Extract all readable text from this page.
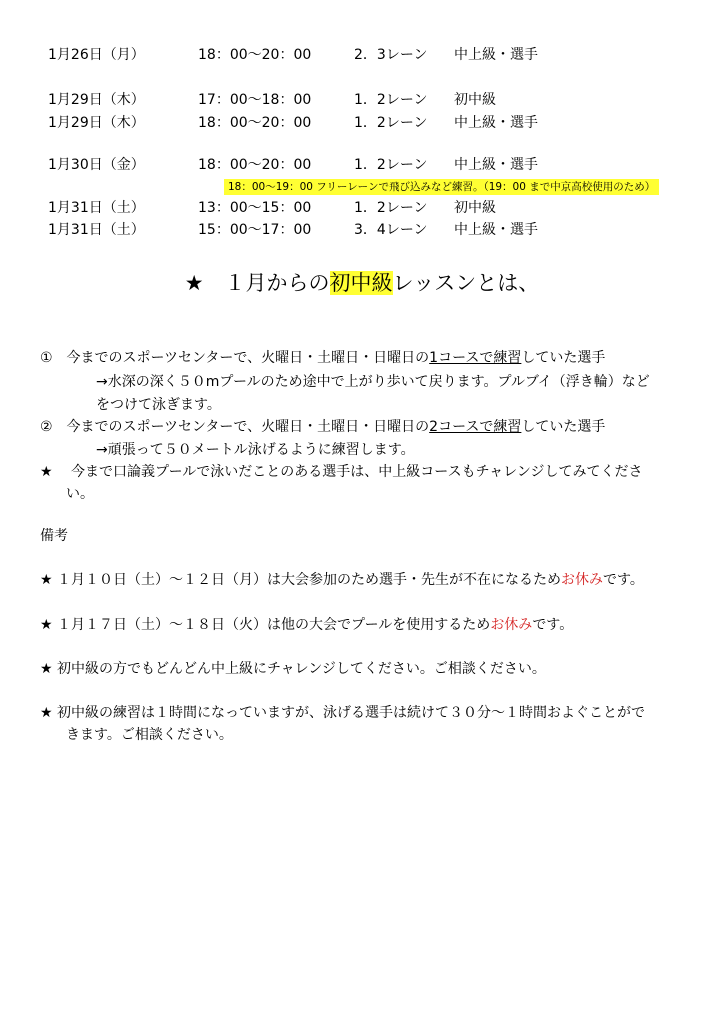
1月26日（月）	18：00〜20：00	2．3レーン 中上級・選手
1月29日（木）	17：00〜18：00	1．2レーン 初中級
1月29日（木）	18：00〜20：00	1．2レーン 中上級・選手
1月30日（金）	18：00〜20：00	1．2レーン 中上級・選手
18：00〜19：00 フリーレーンで飛び込みなど練習。（19：00 まで中京高校使用のため）
1月31日（土）	13：00〜15：00	1．2レーン 初中級
1月31日（土）	15：00〜17：00	3．4レーン 中上級・選手
★　１月からの初中級レッスンとは、
①　今までのスポーツセンターで、火曜日・土曜日・日曜日の1コースで練習していた選手
→水深の深く５０mプールのため途中で上がり歩いて戻ります。プルブイ（浮き輪）など
をつけて泳ぎます。
②　今までのスポーツセンターで、火曜日・土曜日・日曜日の2コースで練習していた選手
→頑張って５０メートル泳げるように練習します。
★　 今まで口論義プールで泳いだことのある選手は、中上級コースもチャレンジしてみてくださ
い。
備考
★ １月１０日（土）〜１２日（月）は大会参加のため選手・先生が不在になるためお休みです。
★ １月１７日（土）〜１８日（火）は他の大会でプールを使用するためお休みです。
★ 初中級の方でもどんどん中上級にチャレンジしてください。ご相談ください。
★ 初中級の練習は１時間になっていますが、泳げる選手は続けて３０分〜１時間およぐことがで
きます。ご相談ください。
